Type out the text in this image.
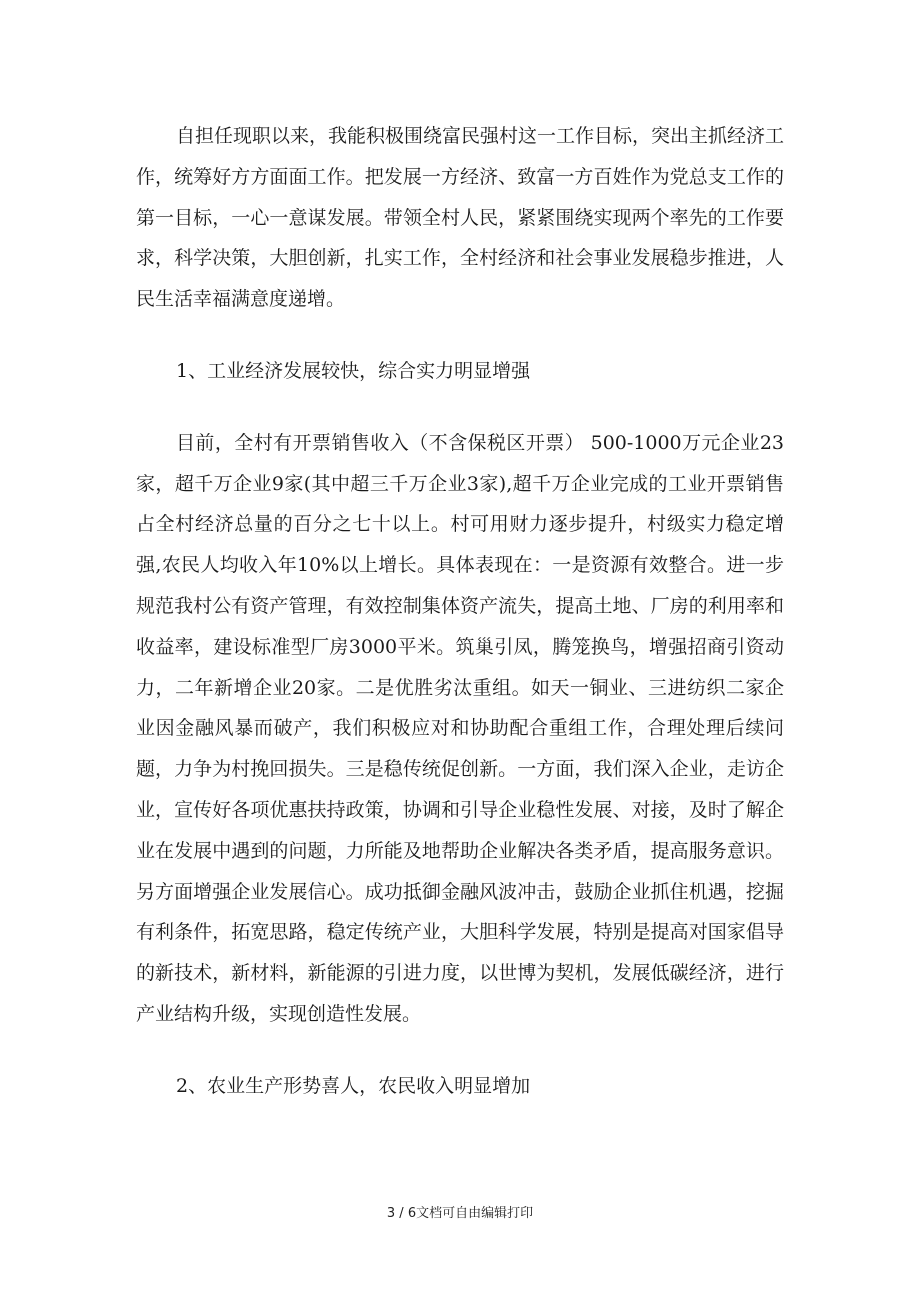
自担任现职以来，我能积极围绕富民强村这一工作目标，突出主抓经济工作，统筹好方方面面工作。把发展一方经济、致富一方百姓作为党总支工作的第一目标，一心一意谋发展。带领全村人民，紧紧围绕实现两个率先的工作要求，科学决策，大胆创新，扎实工作，全村经济和社会事业发展稳步推进，人民生活幸福满意度递增。

1、工业经济发展较快，综合实力明显增强

目前，全村有开票销售收入（不含保税区开票） 500-1000万元企业23家，超千万企业9家(其中超三千万企业3家),超千万企业完成的工业开票销售占全村经济总量的百分之七十以上。村可用财力逐步提升，村级实力稳定增强,农民人均收入年10%以上增长。具体表现在：一是资源有效整合。进一步规范我村公有资产管理，有效控制集体资产流失，提高土地、厂房的利用率和收益率，建设标准型厂房3000平米。筑巢引凤，腾笼换鸟，增强招商引资动力，二年新增企业20家。二是优胜劣汰重组。如天一铜业、三进纺织二家企业因金融风暴而破产，我们积极应对和协助配合重组工作，合理处理后续问题，力争为村挽回损失。三是稳传统促创新。一方面，我们深入企业，走访企业，宣传好各项优惠扶持政策，协调和引导企业稳性发展、对接，及时了解企业在发展中遇到的问题，力所能及地帮助企业解决各类矛盾，提高服务意识。另方面增强企业发展信心。成功抵御金融风波冲击，鼓励企业抓住机遇，挖掘有利条件，拓宽思路，稳定传统产业，大胆科学发展，特别是提高对国家倡导的新技术，新材料，新能源的引进力度，以世博为契机，发展低碳经济，进行产业结构升级，实现创造性发展。

2、农业生产形势喜人，农民收入明显增加

3 / 6文档可自由编辑打印
